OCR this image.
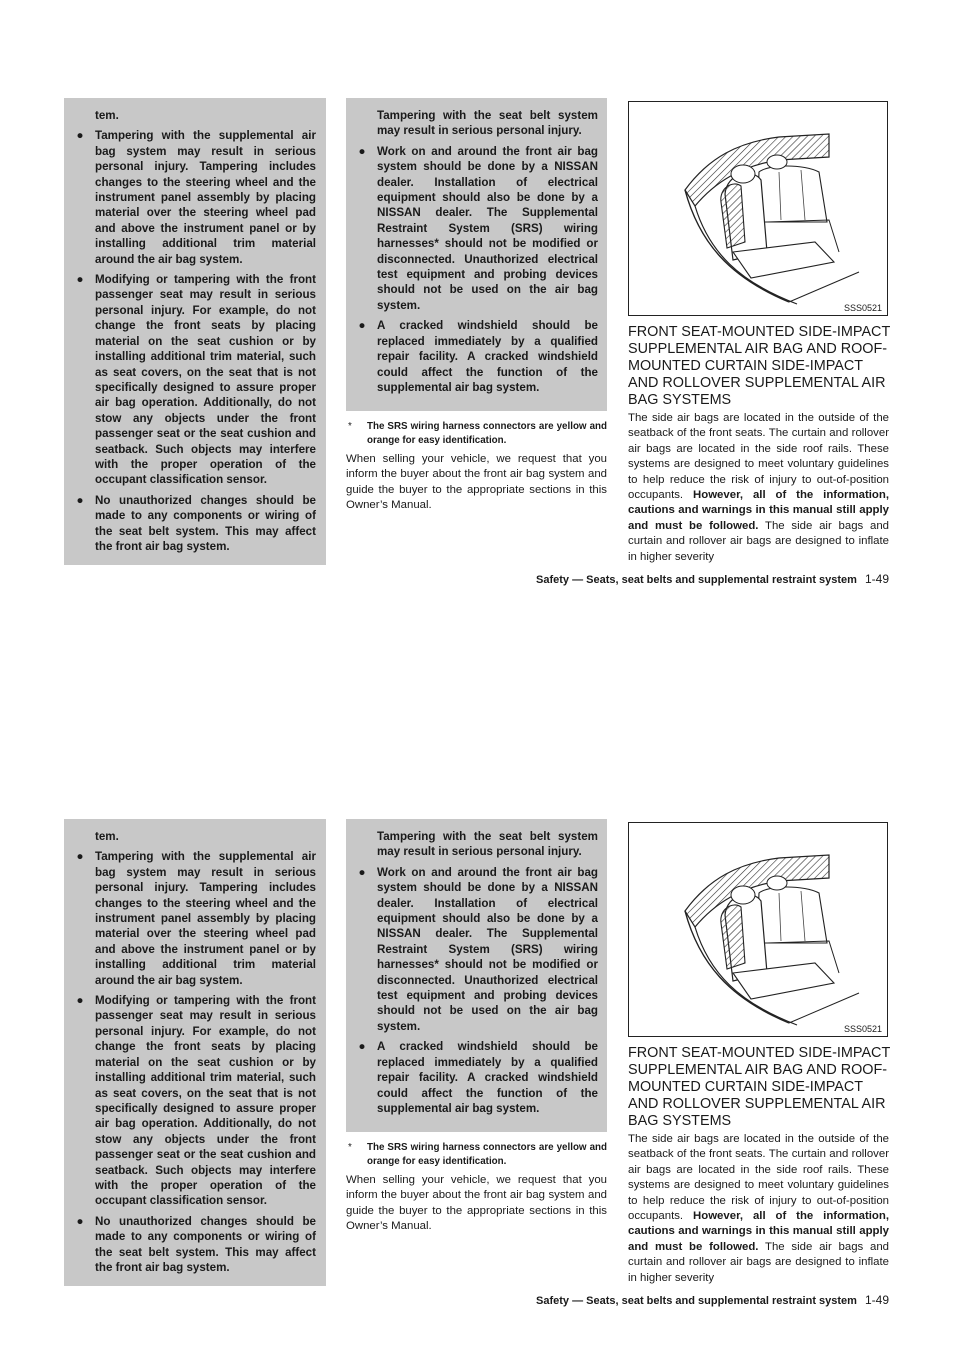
tem.

● Tampering with the supplemental air bag system may result in serious personal injury. Tampering includes changes to the steering wheel and the instrument panel assembly by placing material over the steering wheel pad and above the instrument panel or by installing additional trim material around the air bag system.
● Modifying or tampering with the front passenger seat may result in serious personal injury. For example, do not change the front seats by placing material on the seat cushion or by installing additional trim material, such as seat covers, on the seat that is not specifically designed to assure proper air bag operation. Additionally, do not stow any objects under the front passenger seat or the seat cushion and seatback. Such objects may interfere with the proper operation of the occupant classification sensor.
● No unauthorized changes should be made to any components or wiring of the seat belt system. This may affect the front air bag system.

Tampering with the seat belt system may result in serious personal injury.

● Work on and around the front air bag system should be done by a NISSAN dealer. Installation of electrical equipment should also be done by a NISSAN dealer. The Supplemental Restraint System (SRS) wiring harnesses* should not be modified or disconnected. Unauthorized electrical test equipment and probing devices should not be used on the air bag system.
● A cracked windshield should be replaced immediately by a qualified repair facility. A cracked windshield could affect the function of the supplemental air bag system.
*	The SRS wiring harness connectors are yellow and orange for easy identification.

When selling your vehicle, we request that you inform the buyer about the front air bag system and guide the buyer to the appropriate sections in this Owner’s Manual.

SSS0521
FRONT SEAT-MOUNTED SIDE-IMPACT SUPPLEMENTAL AIR BAG AND ROOF-MOUNTED CURTAIN SIDE-IMPACT AND ROLLOVER SUPPLEMENTAL AIR BAG SYSTEMS

The side air bags are located in the outside of the seatback of the front seats. The curtain and rollover air bags are located in the side roof rails. These systems are designed to meet voluntary guidelines to help reduce the risk of injury to out-of-position occupants. However, all of the information, cautions and warnings in this manual still apply and must be followed. The side air bags and curtain and rollover air bags are designed to inflate in higher severity

Safety — Seats, seat belts and supplemental restraint system 1-49

tem.

● Tampering with the supplemental air bag system may result in serious personal injury. Tampering includes changes to the steering wheel and the instrument panel assembly by placing material over the steering wheel pad and above the instrument panel or by installing additional trim material around the air bag system.
● Modifying or tampering with the front passenger seat may result in serious personal injury. For example, do not change the front seats by placing material on the seat cushion or by installing additional trim material, such as seat covers, on the seat that is not specifically designed to assure proper air bag operation. Additionally, do not stow any objects under the front passenger seat or the seat cushion and seatback. Such objects may interfere with the proper operation of the occupant classification sensor.
● No unauthorized changes should be made to any components or wiring of the seat belt system. This may affect the front air bag system.

Tampering with the seat belt system may result in serious personal injury.

● Work on and around the front air bag system should be done by a NISSAN dealer. Installation of electrical equipment should also be done by a NISSAN dealer. The Supplemental Restraint System (SRS) wiring harnesses* should not be modified or disconnected. Unauthorized electrical test equipment and probing devices should not be used on the air bag system.
● A cracked windshield should be replaced immediately by a qualified repair facility. A cracked windshield could affect the function of the supplemental air bag system.
*	The SRS wiring harness connectors are yellow and orange for easy identification.

When selling your vehicle, we request that you inform the buyer about the front air bag system and guide the buyer to the appropriate sections in this Owner’s Manual.

SSS0521
FRONT SEAT-MOUNTED SIDE-IMPACT SUPPLEMENTAL AIR BAG AND ROOF-MOUNTED CURTAIN SIDE-IMPACT AND ROLLOVER SUPPLEMENTAL AIR BAG SYSTEMS

The side air bags are located in the outside of the seatback of the front seats. The curtain and rollover air bags are located in the side roof rails. These systems are designed to meet voluntary guidelines to help reduce the risk of injury to out-of-position occupants. However, all of the information, cautions and warnings in this manual still apply and must be followed. The side air bags and curtain and rollover air bags are designed to inflate in higher severity

Safety — Seats, seat belts and supplemental restraint system 1-49
